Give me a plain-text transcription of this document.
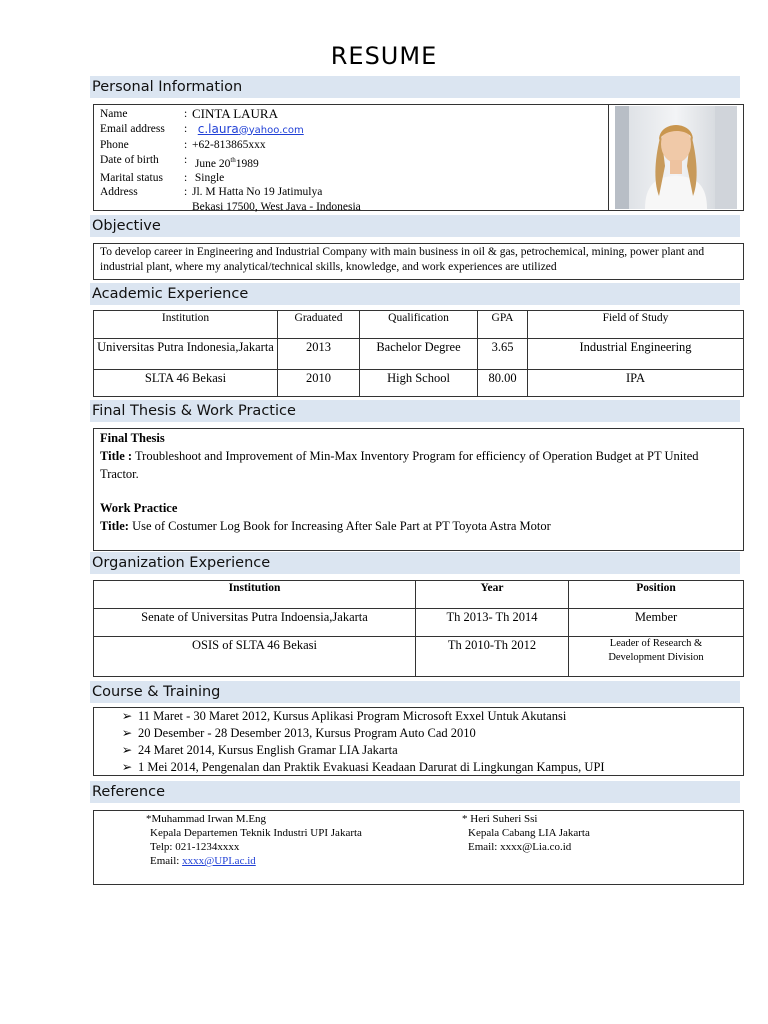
RESUME
Personal Information
Name	: CINTA LAURA
Email address	: c.laura@yahoo.com
Phone	: +62-813865xxx
Date of birth	: June 20th1989
Marital status	: Single
Address	: Jl. M Hatta No 19 Jatimulya
Bekasi 17500, West Java - Indonesia
Objective
To develop career in Engineering and Industrial Company with main business in oil & gas, petrochemical, mining, power plant and industrial plant, where my analytical/technical skills, knowledge, and work experiences are utilized
Academic Experience
Institution	Graduated	Qualification	GPA	Field of Study
Universitas Putra Indonesia,Jakarta	2013	Bachelor Degree	3.65	Industrial Engineering
SLTA 46 Bekasi	2010	High School	80.00	IPA
Final Thesis & Work Practice
Final Thesis
Title : Troubleshoot and Improvement of Min-Max Inventory Program for efficiency of Operation Budget at PT United Tractor.
Work Practice
Title: Use of Costumer Log Book for Increasing After Sale Part at PT Toyota Astra Motor
Organization Experience
Institution	Year	Position
Senate of Universitas Putra Indoensia,Jakarta	Th 2013- Th 2014	Member
OSIS of SLTA 46 Bekasi	Th 2010-Th 2012	Leader of Research & Development Division
Course & Training
➢ 11 Maret - 30 Maret 2012, Kursus Aplikasi Program Microsoft Exxel Untuk Akutansi
➢ 20 Desember - 28 Desember 2013, Kursus Program Auto Cad 2010
➢ 24 Maret 2014, Kursus English Gramar LIA Jakarta
➢ 1 Mei 2014, Pengenalan dan Praktik Evakuasi Keadaan Darurat di Lingkungan Kampus, UPI
Reference
*Muhammad Irwan M.Eng
Kepala Departemen Teknik Industri UPI Jakarta
Telp: 021-1234xxxx
Email: xxxx@UPI.ac.id
* Heri Suheri Ssi
Kepala Cabang LIA Jakarta
Email: xxxx@Lia.co.id
